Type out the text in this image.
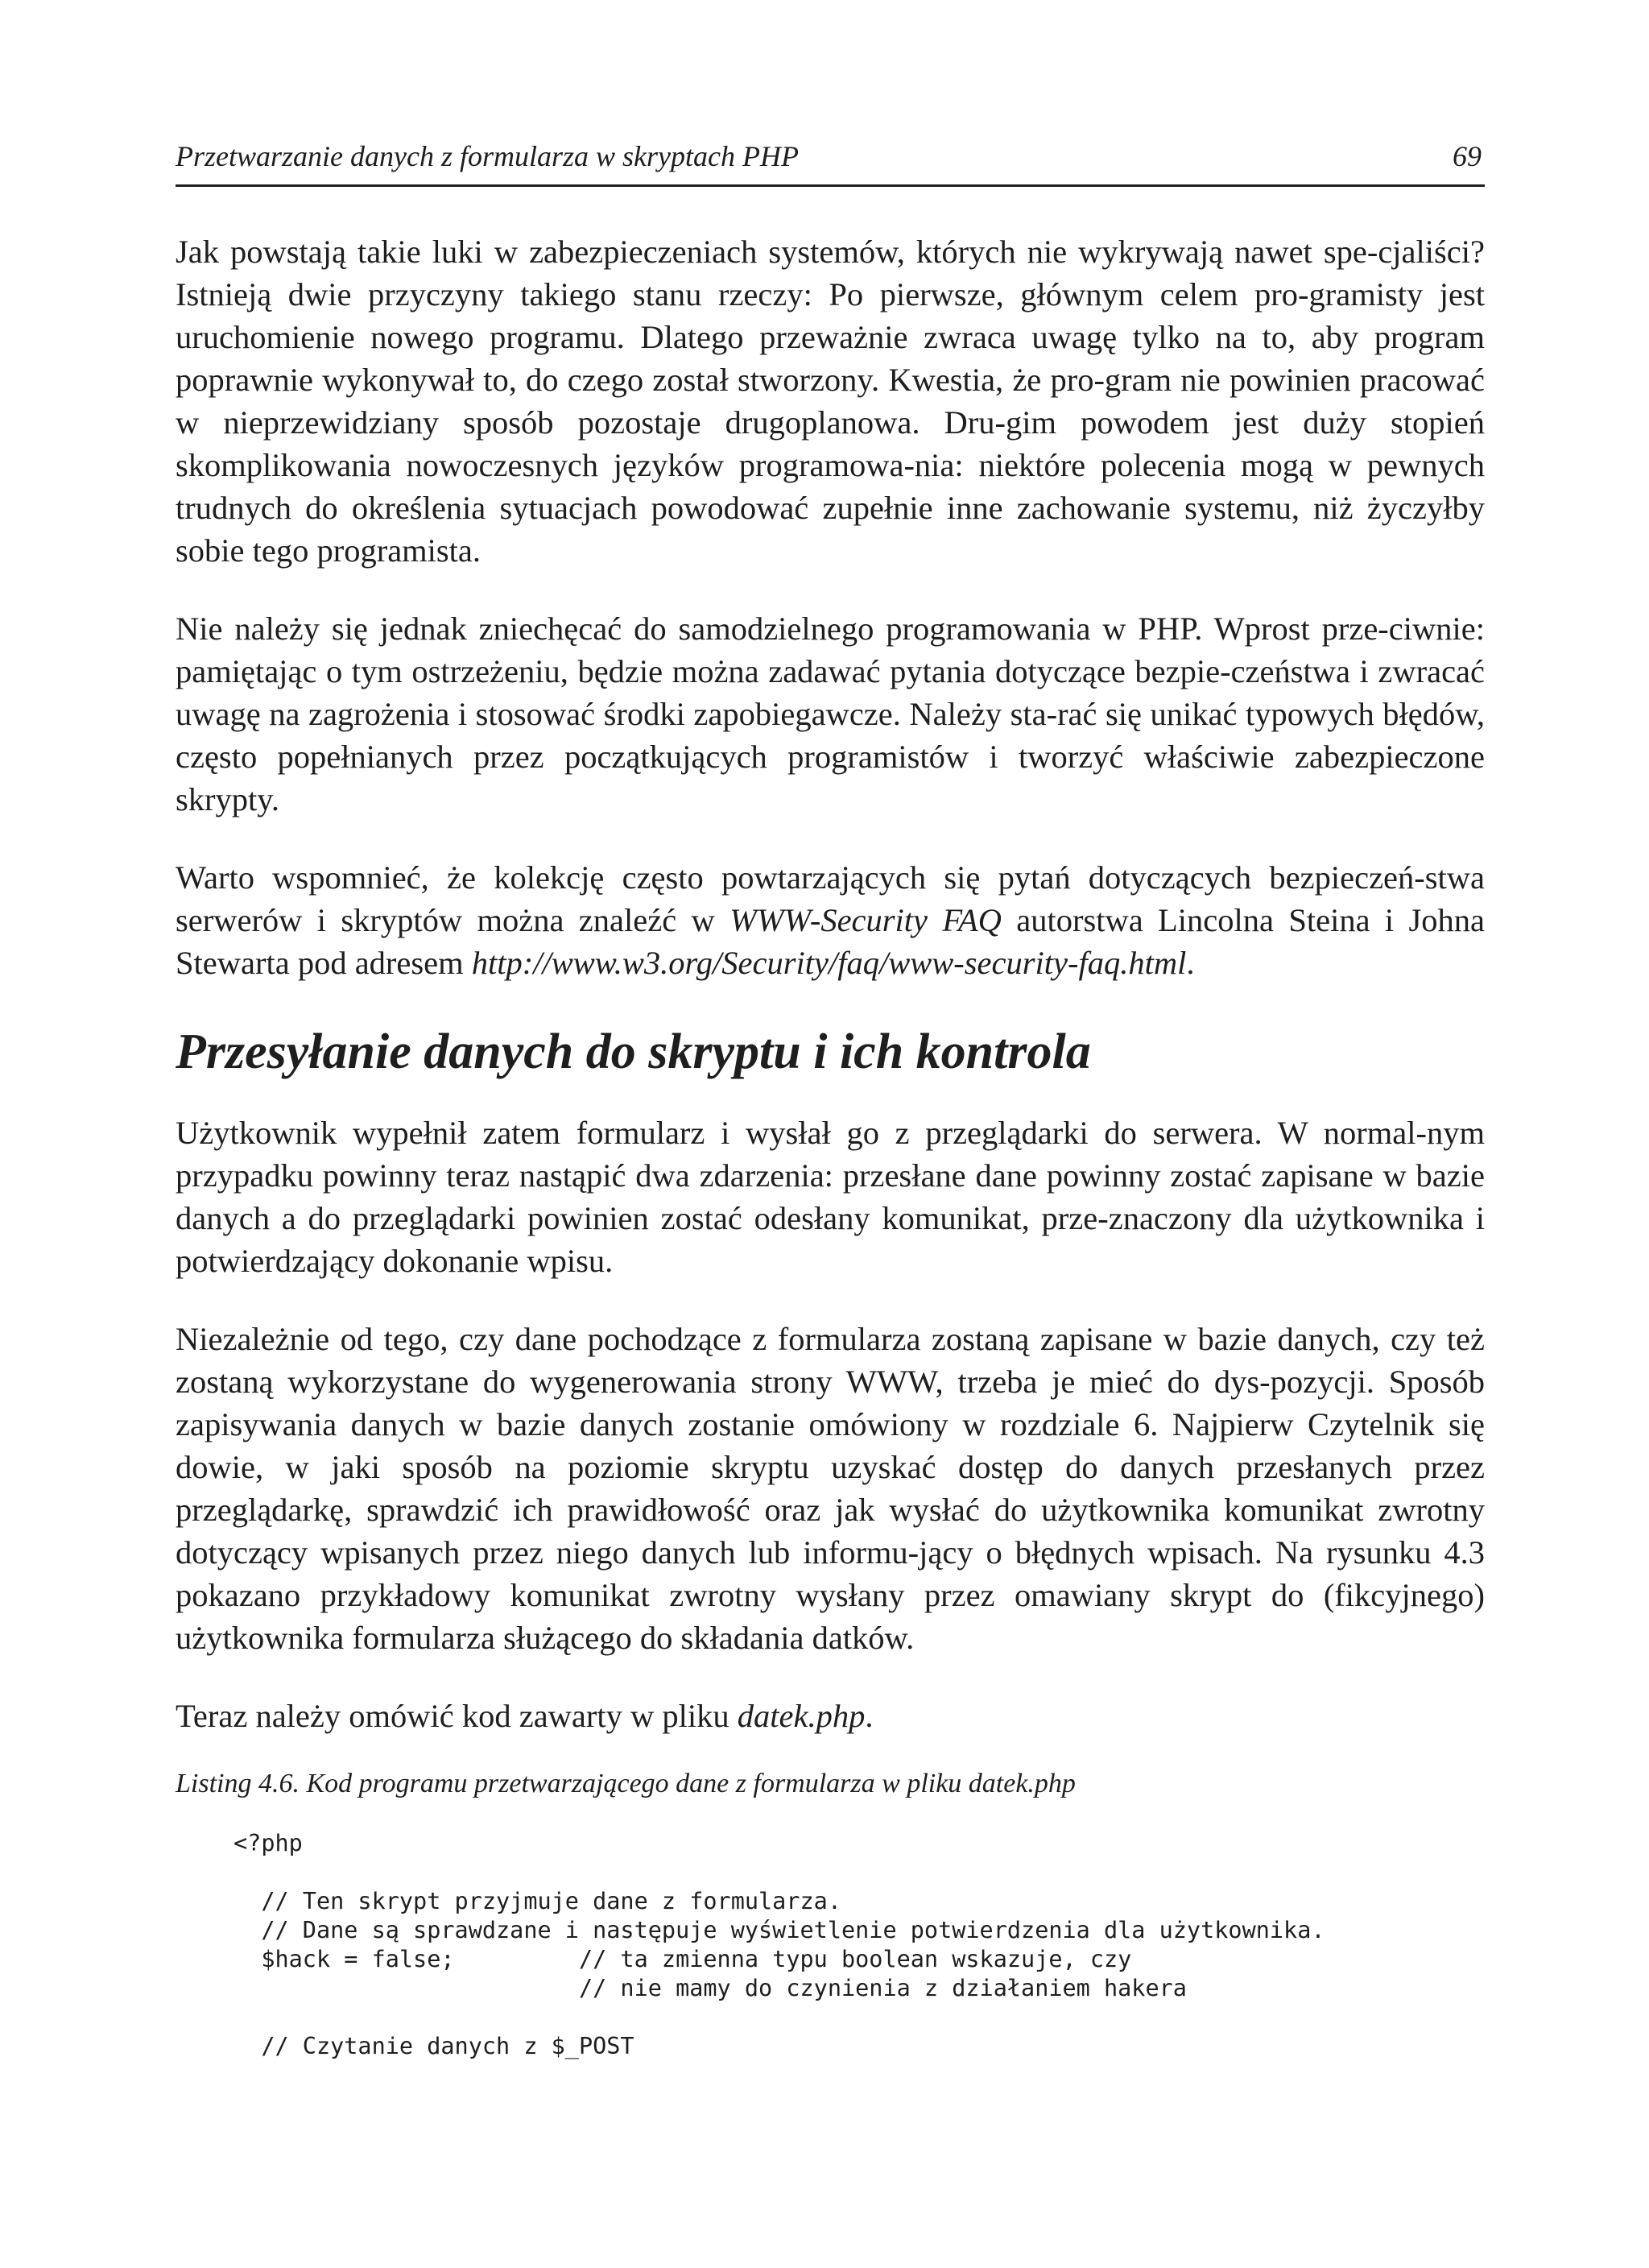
Przetwarzanie danych z formularza w skryptach PHP	69

Jak powstają takie luki w zabezpieczeniach systemów, których nie wykrywają nawet spe-cjaliści? Istnieją dwie przyczyny takiego stanu rzeczy: Po pierwsze, głównym celem pro-gramisty jest uruchomienie nowego programu. Dlatego przeważnie zwraca uwagę tylko na to, aby program poprawnie wykonywał to, do czego został stworzony. Kwestia, że pro-gram nie powinien pracować w nieprzewidziany sposób pozostaje drugoplanowa. Dru-gim powodem jest duży stopień skomplikowania nowoczesnych języków programowa-nia: niektóre polecenia mogą w pewnych trudnych do określenia sytuacjach powodować zupełnie inne zachowanie systemu, niż życzyłby sobie tego programista.

Nie należy się jednak zniechęcać do samodzielnego programowania w PHP. Wprost prze-ciwnie: pamiętając o tym ostrzeżeniu, będzie można zadawać pytania dotyczące bezpie-czeństwa i zwracać uwagę na zagrożenia i stosować środki zapobiegawcze. Należy sta-rać się unikać typowych błędów, często popełnianych przez początkujących programistów i tworzyć właściwie zabezpieczone skrypty.

Warto wspomnieć, że kolekcję często powtarzających się pytań dotyczących bezpieczeń-stwa serwerów i skryptów można znaleźć w WWW-Security FAQ autorstwa Lincolna Steina i Johna Stewarta pod adresem http://www.w3.org/Security/faq/www-security-faq.html.

Przesyłanie danych do skryptu i ich kontrola

Użytkownik wypełnił zatem formularz i wysłał go z przeglądarki do serwera. W normal-nym przypadku powinny teraz nastąpić dwa zdarzenia: przesłane dane powinny zostać zapisane w bazie danych a do przeglądarki powinien zostać odesłany komunikat, prze-znaczony dla użytkownika i potwierdzający dokonanie wpisu.

Niezależnie od tego, czy dane pochodzące z formularza zostaną zapisane w bazie danych, czy też zostaną wykorzystane do wygenerowania strony WWW, trzeba je mieć do dys-pozycji. Sposób zapisywania danych w bazie danych zostanie omówiony w rozdziale 6. Najpierw Czytelnik się dowie, w jaki sposób na poziomie skryptu uzyskać dostęp do danych przesłanych przez przeglądarkę, sprawdzić ich prawidłowość oraz jak wysłać do użytkownika komunikat zwrotny dotyczący wpisanych przez niego danych lub informu-jący o błędnych wpisach. Na rysunku 4.3 pokazano przykładowy komunikat zwrotny wysłany przez omawiany skrypt do (fikcyjnego) użytkownika formularza służącego do składania datków.

Teraz należy omówić kod zawarty w pliku datek.php.

Listing 4.6. Kod programu przetwarzającego dane z formularza w pliku datek.php
<?php

// Ten skrypt przyjmuje dane z formularza.
// Dane są sprawdzane i następuje wyświetlenie potwierdzenia dla użytkownika.
$hack = false;         // ta zmienna typu boolean wskazuje, czy
// nie mamy do czynienia z działaniem hakera

// Czytanie danych z $_POST
